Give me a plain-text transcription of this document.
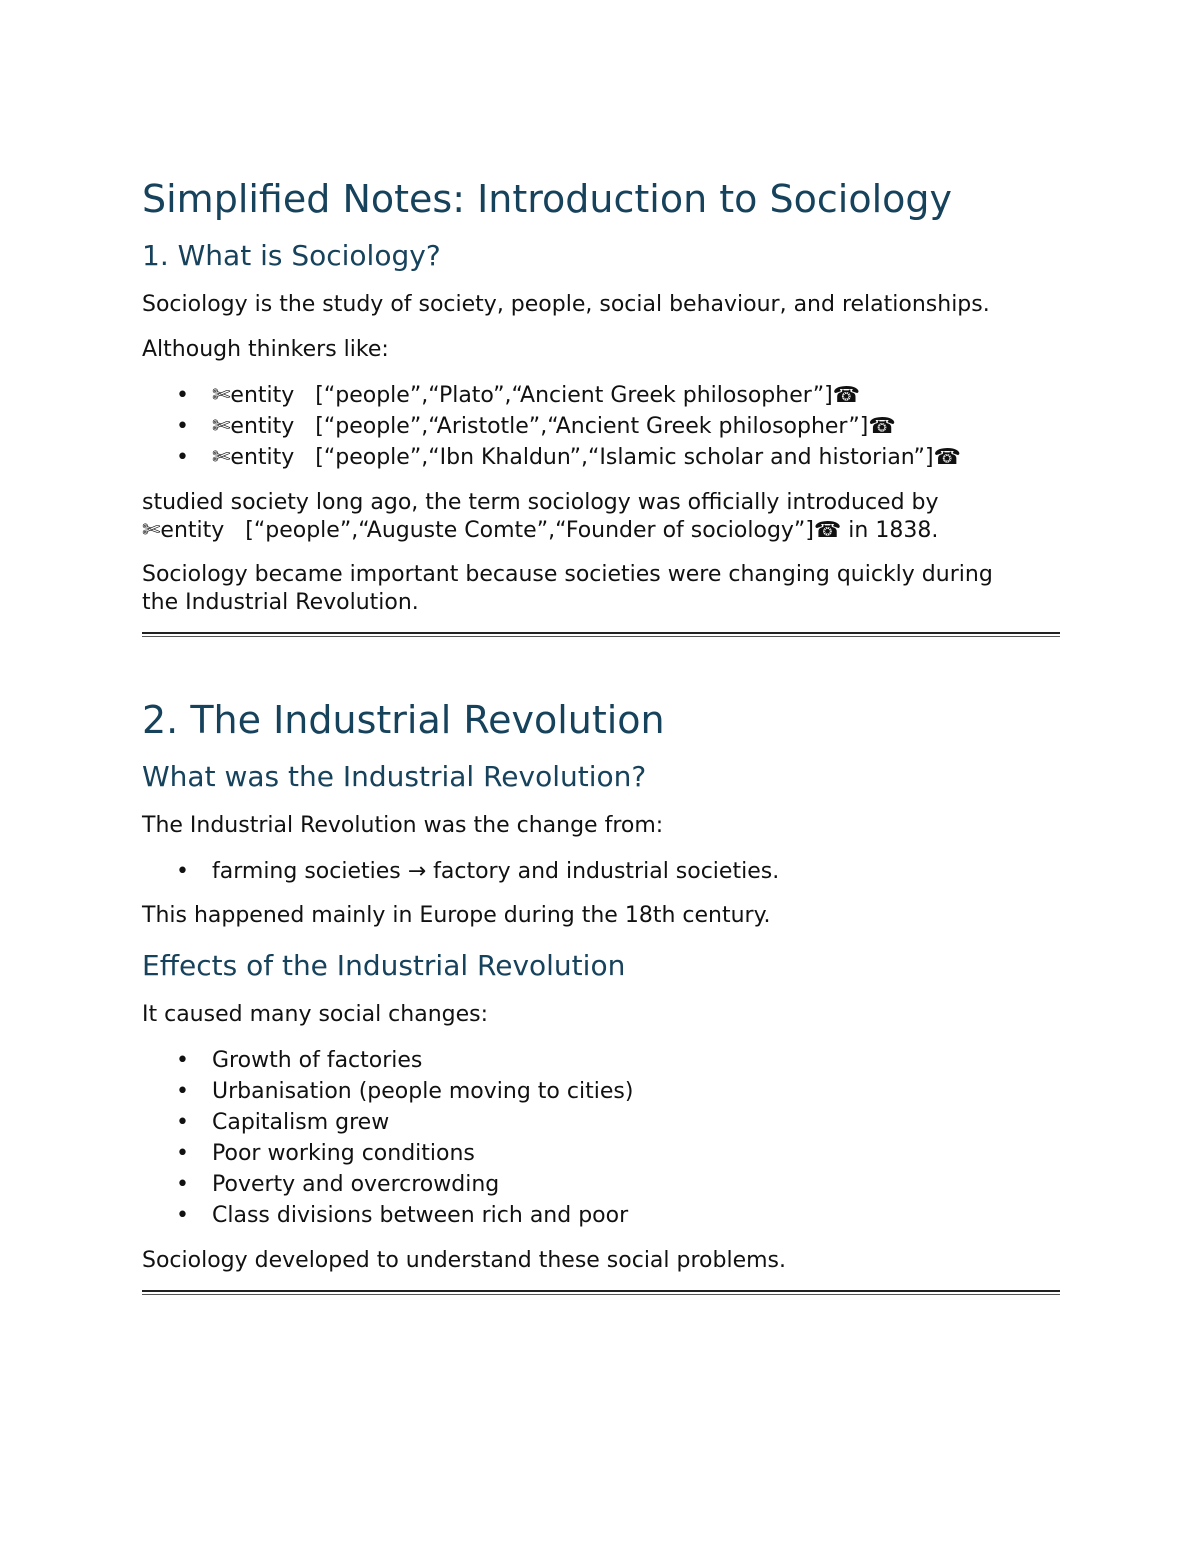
Simplified Notes: Introduction to Sociology
1. What is Sociology?

Sociology is the study of society, people, social behaviour, and relationships.

Although thinkers like:

• ✄entity   [“people”,“Plato”,“Ancient Greek philosopher”]☎
• ✄entity   [“people”,“Aristotle”,“Ancient Greek philosopher”]☎
• ✄entity   [“people”,“Ibn Khaldun”,“Islamic scholar and historian”]☎

studied society long ago, the term sociology was officially introduced by

✄entity   [“people”,“Auguste Comte”,“Founder of sociology”]☎ in 1838.

Sociology became important because societies were changing quickly during

the Industrial Revolution.

2. The Industrial Revolution
What was the Industrial Revolution?

The Industrial Revolution was the change from:

• farming societies → factory and industrial societies.

This happened mainly in Europe during the 18th century.

Effects of the Industrial Revolution

It caused many social changes:

• Growth of factories
• Urbanisation (people moving to cities)
• Capitalism grew
• Poor working conditions
• Poverty and overcrowding
• Class divisions between rich and poor

Sociology developed to understand these social problems.
